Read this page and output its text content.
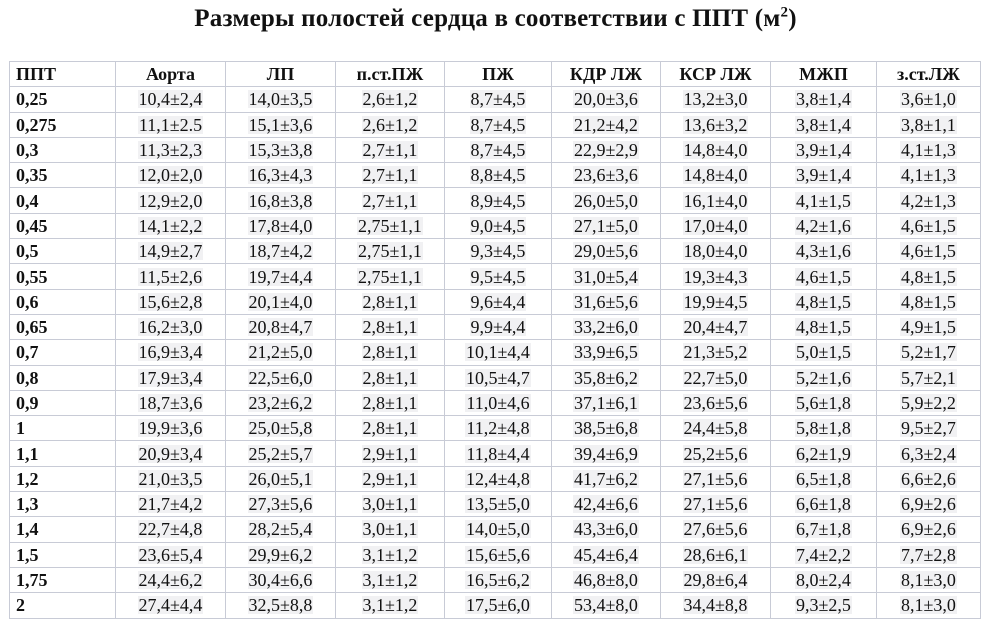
Размеры полостей сердца в соответствии с ППТ $(м^2)$
ППТ	Аорта	ЛП	п.ст.ПЖ	ПЖ	КДР ЛЖ	КСР ЛЖ	МЖП	з.ст.ЛЖ
0,25	10,4±2,4	14,0±3,5	2,6±1,2	8,7±4,5	20,0±3,6	13,2±3,0	3,8±1,4	3,6±1,0
0,275	11,1±2.5	15,1±3,6	2,6±1,2	8,7±4,5	21,2±4,2	13,6±3,2	3,8±1,4	3,8±1,1
0,3	11,3±2,3	15,3±3,8	2,7±1,1	8,7±4,5	22,9±2,9	14,8±4,0	3,9±1,4	4,1±1,3
0,35	12,0±2,0	16,3±4,3	2,7±1,1	8,8±4,5	23,6±3,6	14,8±4,0	3,9±1,4	4,1±1,3
0,4	12,9±2,0	16,8±3,8	2,7±1,1	8,9±4,5	26,0±5,0	16,1±4,0	4,1±1,5	4,2±1,3
0,45	14,1±2,2	17,8±4,0	2,75±1,1	9,0±4,5	27,1±5,0	17,0±4,0	4,2±1,6	4,6±1,5
0,5	14,9±2,7	18,7±4,2	2,75±1,1	9,3±4,5	29,0±5,6	18,0±4,0	4,3±1,6	4,6±1,5
0,55	11,5±2,6	19,7±4,4	2,75±1,1	9,5±4,5	31,0±5,4	19,3±4,3	4,6±1,5	4,8±1,5
0,6	15,6±2,8	20,1±4,0	2,8±1,1	9,6±4,4	31,6±5,6	19,9±4,5	4,8±1,5	4,8±1,5
0,65	16,2±3,0	20,8±4,7	2,8±1,1	9,9±4,4	33,2±6,0	20,4±4,7	4,8±1,5	4,9±1,5
0,7	16,9±3,4	21,2±5,0	2,8±1,1	10,1±4,4	33,9±6,5	21,3±5,2	5,0±1,5	5,2±1,7
0,8	17,9±3,4	22,5±6,0	2,8±1,1	10,5±4,7	35,8±6,2	22,7±5,0	5,2±1,6	5,7±2,1
0,9	18,7±3,6	23,2±6,2	2,8±1,1	11,0±4,6	37,1±6,1	23,6±5,6	5,6±1,8	5,9±2,2
1	19,9±3,6	25,0±5,8	2,8±1,1	11,2±4,8	38,5±6,8	24,4±5,8	5,8±1,8	9,5±2,7
1,1	20,9±3,4	25,2±5,7	2,9±1,1	11,8±4,4	39,4±6,9	25,2±5,6	6,2±1,9	6,3±2,4
1,2	21,0±3,5	26,0±5,1	2,9±1,1	12,4±4,8	41,7±6,2	27,1±5,6	6,5±1,8	6,6±2,6
1,3	21,7±4,2	27,3±5,6	3,0±1,1	13,5±5,0	42,4±6,6	27,1±5,6	6,6±1,8	6,9±2,6
1,4	22,7±4,8	28,2±5,4	3,0±1,1	14,0±5,0	43,3±6,0	27,6±5,6	6,7±1,8	6,9±2,6
1,5	23,6±5,4	29,9±6,2	3,1±1,2	15,6±5,6	45,4±6,4	28,6±6,1	7,4±2,2	7,7±2,8
1,75	24,4±6,2	30,4±6,6	3,1±1,2	16,5±6,2	46,8±8,0	29,8±6,4	8,0±2,4	8,1±3,0
2	27,4±4,4	32,5±8,8	3,1±1,2	17,5±6,0	53,4±8,0	34,4±8,8	9,3±2,5	8,1±3,0
